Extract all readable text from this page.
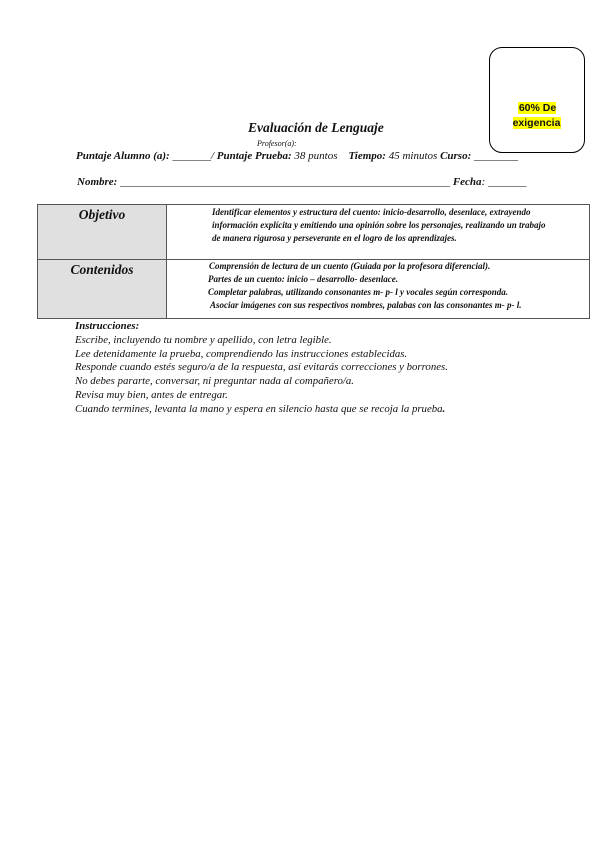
60% De exigencia
Evaluación de Lenguaje
Profesor(a):
Puntaje Alumno (a): _______/ Puntaje Prueba: 38 puntos Tiempo: 45 minutos Curso: ________
Nombre: ____________________________________________________________ Fecha: _______
Objetivo	Identificar elementos y estructura del cuento: inicio-desarrollo, desenlace, extrayendo
información explícita y emitiendo una opinión sobre los personajes, realizando un trabajo
de manera rigurosa y perseverante en el logro de los aprendizajes.
Contenidos	Comprensión de lectura de un cuento (Guiada por la profesora diferencial).
Partes de un cuento: inicio – desarrollo- desenlace.
Completar palabras, utilizando consonantes m- p- l y vocales según corresponda.
Asociar imágenes con sus respectivos nombres, palabas con las consonantes m- p- l.
Instrucciones:
Escribe, incluyendo tu nombre y apellido, con letra legible.
Lee detenidamente la prueba, comprendiendo las instrucciones establecidas.
Responde cuando estés seguro/a de la respuesta, así evitarás correcciones y borrones.
No debes pararte, conversar, ni preguntar nada al compañero/a.
Revisa muy bien, antes de entregar.
Cuando termines, levanta la mano y espera en silencio hasta que se recoja la prueba.
